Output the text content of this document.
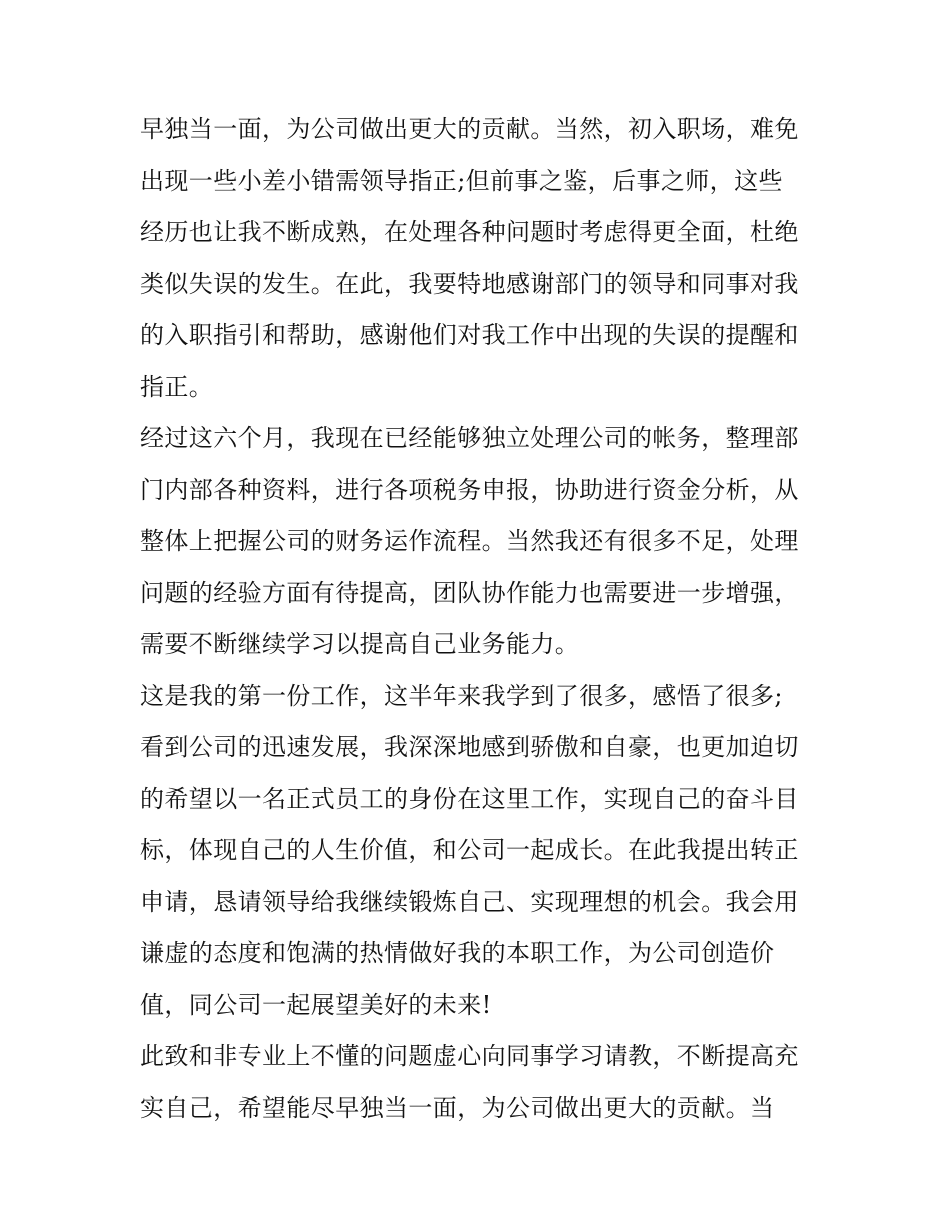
早独当一面，为公司做出更大的贡献。当然，初入职场，难免
出现一些小差小错需领导指正;但前事之鉴，后事之师，这些
经历也让我不断成熟，在处理各种问题时考虑得更全面，杜绝
类似失误的发生。在此，我要特地感谢部门的领导和同事对我
的入职指引和帮助，感谢他们对我工作中出现的失误的提醒和
指正。
经过这六个月，我现在已经能够独立处理公司的帐务，整理部
门内部各种资料，进行各项税务申报，协助进行资金分析，从
整体上把握公司的财务运作流程。当然我还有很多不足，处理
问题的经验方面有待提高，团队协作能力也需要进一步增强，
需要不断继续学习以提高自己业务能力。
这是我的第一份工作，这半年来我学到了很多，感悟了很多;
看到公司的迅速发展，我深深地感到骄傲和自豪，也更加迫切
的希望以一名正式员工的身份在这里工作，实现自己的奋斗目
标，体现自己的人生价值，和公司一起成长。在此我提出转正
申请，恳请领导给我继续锻炼自己、实现理想的机会。我会用
谦虚的态度和饱满的热情做好我的本职工作，为公司创造价
值，同公司一起展望美好的未来!
此致和非专业上不懂的问题虚心向同事学习请教，不断提高充
实自己，希望能尽早独当一面，为公司做出更大的贡献。当
